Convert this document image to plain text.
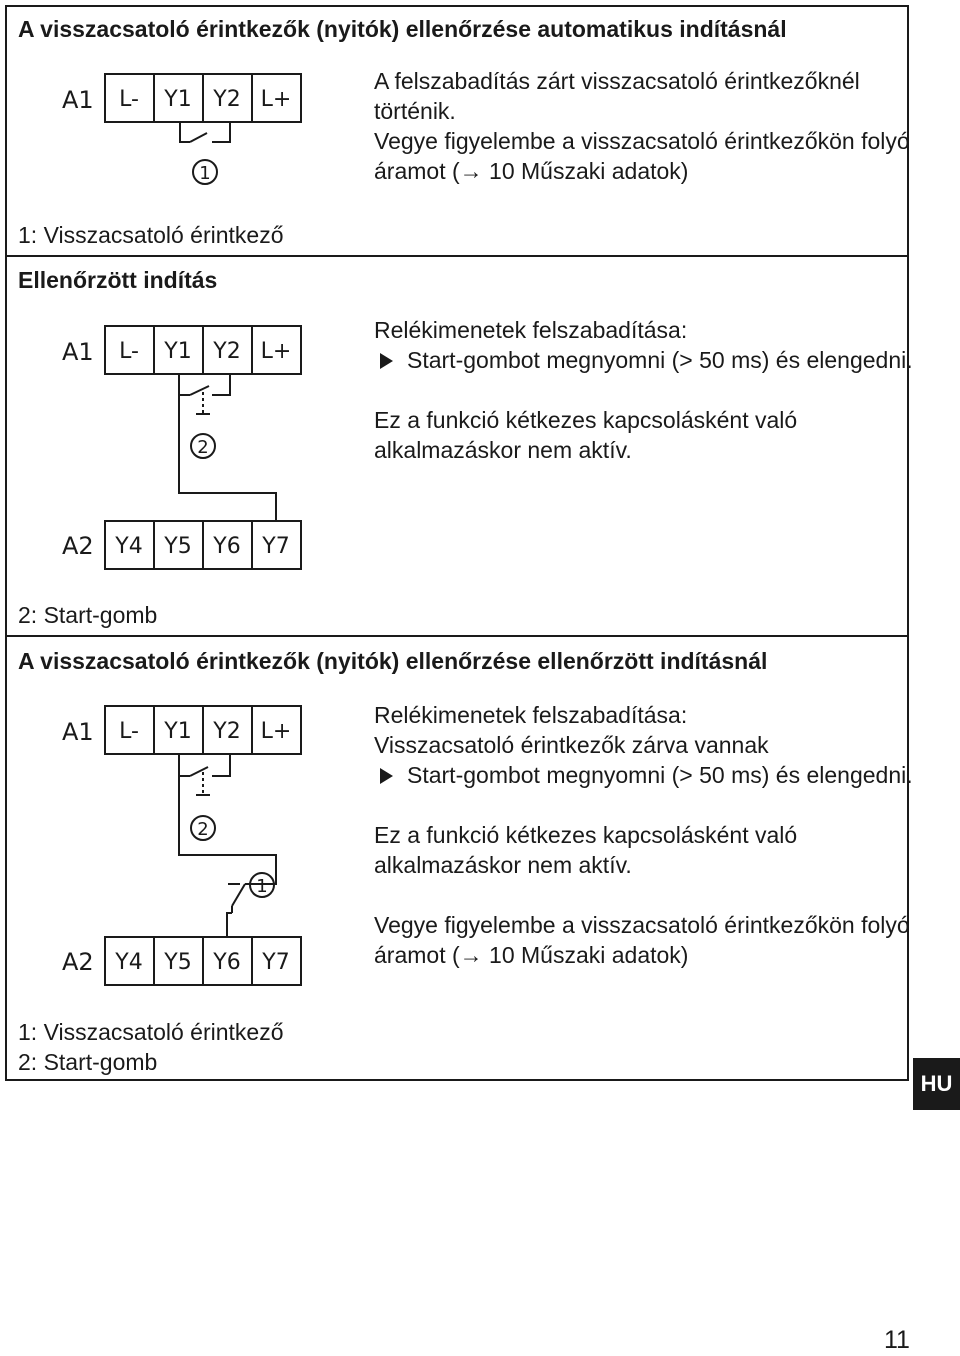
A visszacsatoló érintkezők (nyitók) ellenőrzése automatikus indításnál
A felszabadítás zárt visszacsatoló érintkezőknél
történik.
Vegye figyelembe a visszacsatoló érintkezőkön folyó
áramot (→ 10 Műszaki adatok)
1: Visszacsatoló érintkező
Ellenőrzött indítás
Relékimenetek felszabadítása:
Start-gombot megnyomni (> 50 ms) és elengedni.
Ez a funkció kétkezes kapcsolásként való
alkalmazáskor nem aktív.
2: Start-gomb
A visszacsatoló érintkezők (nyitók) ellenőrzése ellenőrzött indításnál
Relékimenetek felszabadítása:
Visszacsatoló érintkezők zárva vannak
Start-gombot megnyomni (> 50 ms) és elengedni.
Ez a funkció kétkezes kapcsolásként való
alkalmazáskor nem aktív.
Vegye figyelembe a visszacsatoló érintkezőkön folyó
áramot (→ 10 Műszaki adatok)
1: Visszacsatoló érintkező
2: Start-gomb
A1 L- Y1 Y2 L+
1
A1 L- Y1 Y2 L+
2
A2 Y4 Y5 Y6 Y7
A1 L- Y1 Y2 L+
2
1
A2 Y4 Y5 Y6 Y7
HU
11
